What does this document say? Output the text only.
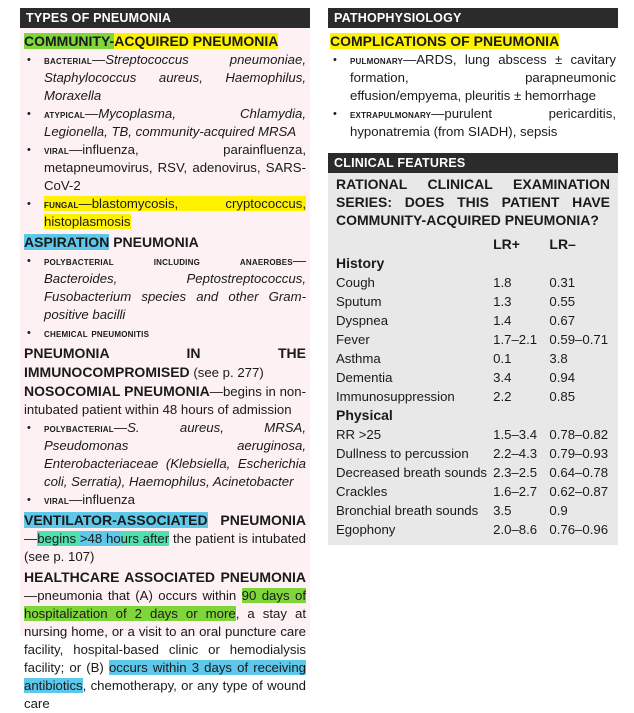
TYPES OF PNEUMONIA
COMMUNITY-ACQUIRED PNEUMONIA
• bacterial—Streptococcus pneumoniae, Staphylococcus aureus, Haemophilus, Moraxella
• atypical—Mycoplasma, Chlamydia, Legionella, TB, community-acquired MRSA
• viral—influenza, parainfluenza, metapneumovirus, RSV, adenovirus, SARS-CoV-2
• fungal—blastomycosis, cryptococcus, histoplasmosis
ASPIRATION PNEUMONIA
• polybacterial including anaerobes—Bacteroides, Peptostreptococcus, Fusobacterium species and other Gram-positive bacilli
• chemical pneumonitis

PNEUMONIA IN THE IMMUNOCOMPROMISED (see p. 277)

NOSOCOMIAL PNEUMONIA—begins in non-intubated patient within 48 hours of admission

• polybacterial—S. aureus, MRSA, Pseudomonas aeruginosa, Enterobacteriaceae (Klebsiella, Escherichia coli, Serratia), Haemophilus, Acinetobacter
• viral—influenza

VENTILATOR-ASSOCIATED PNEUMONIA—begins >48 hours after the patient is intubated (see p. 107)

HEALTHCARE ASSOCIATED PNEUMONIA—pneumonia that (A) occurs within 90 days of hospitalization of 2 days or more, a stay at nursing home, or a visit to an oral puncture care facility, hospital-based clinic or hemodialysis facility; or (B) occurs within 3 days of receiving antibiotics, chemotherapy, or any type of wound care

PATHOPHYSIOLOGY
COMPLICATIONS OF PNEUMONIA
• pulmonary—ARDS, lung abscess ± cavitary formation, parapneumonic effusion/empyema, pleuritis ± hemorrhage
• extrapulmonary—purulent pericarditis, hyponatremia (from SIADH), sepsis
CLINICAL FEATURES
RATIONAL CLINICAL EXAMINATION
SERIES: DOES THIS PATIENT HAVE
COMMUNITY-ACQUIRED PNEUMONIA?
	LR+	LR–
History		
Cough	1.8	0.31
Sputum	1.3	0.55
Dyspnea	1.4	0.67
Fever	1.7–2.1	0.59–0.71
Asthma	0.1	3.8
Dementia	3.4	0.94
Immunosuppression	2.2	0.85
Physical		
RR >25	1.5–3.4	0.78–0.82
Dullness to percussion	2.2–4.3	0.79–0.93
Decreased breath sounds	2.3–2.5	0.64–0.78
Crackles	1.6–2.7	0.62–0.87
Bronchial breath sounds	3.5	0.9
Egophony	2.0–8.6	0.76–0.96
